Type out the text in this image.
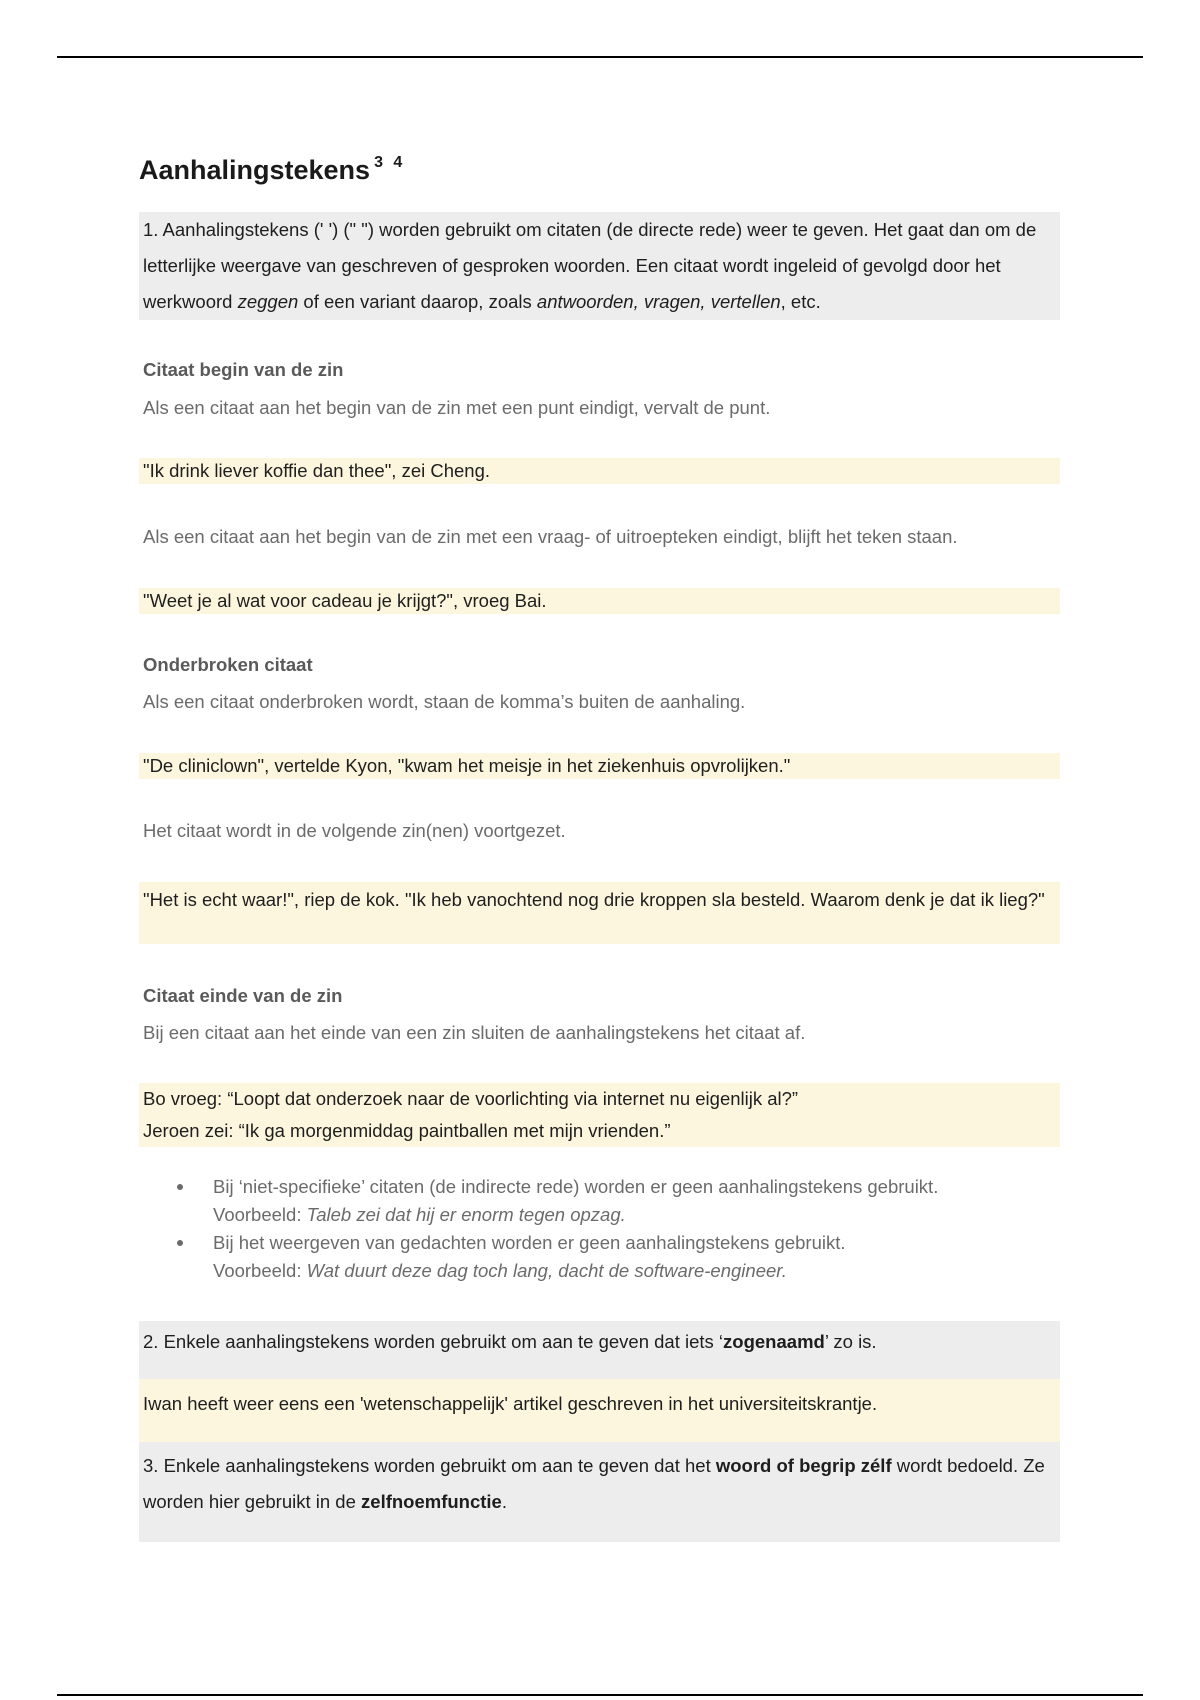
Aanhalingstekens $^{3 4}$
1. Aanhalingstekens (' ') (" ") worden gebruikt om citaten (de directe rede) weer te geven. Het gaat dan om de letterlijke weergave van geschreven of gesproken woorden. Een citaat wordt ingeleid of gevolgd door het werkwoord zeggen of een variant daarop, zoals antwoorden, vragen, vertellen, etc.
Citaat begin van de zin
Als een citaat aan het begin van de zin met een punt eindigt, vervalt de punt.
"Ik drink liever koffie dan thee", zei Cheng.
Als een citaat aan het begin van de zin met een vraag- of uitroepteken eindigt, blijft het teken staan.
"Weet je al wat voor cadeau je krijgt?", vroeg Bai.
Onderbroken citaat
Als een citaat onderbroken wordt, staan de komma’s buiten de aanhaling.
"De cliniclown", vertelde Kyon, "kwam het meisje in het ziekenhuis opvrolijken."
Het citaat wordt in de volgende zin(nen) voortgezet.
"Het is echt waar!", riep de kok. "Ik heb vanochtend nog drie kroppen sla besteld. Waarom denk je dat ik lieg?"
Citaat einde van de zin
Bij een citaat aan het einde van een zin sluiten de aanhalingstekens het citaat af.
Bo vroeg: “Loopt dat onderzoek naar de voorlichting via internet nu eigenlijk al?”
Jeroen zei: “Ik ga morgenmiddag paintballen met mijn vrienden.”
Bij ‘niet-specifieke’ citaten (de indirecte rede) worden er geen aanhalingstekens gebruikt.
Voorbeeld: Taleb zei dat hij er enorm tegen opzag.
Bij het weergeven van gedachten worden er geen aanhalingstekens gebruikt.
Voorbeeld: Wat duurt deze dag toch lang, dacht de software-engineer.
2. Enkele aanhalingstekens worden gebruikt om aan te geven dat iets ‘zogenaamd’ zo is.
Iwan heeft weer eens een 'wetenschappelijk' artikel geschreven in het universiteitskrantje.
3. Enkele aanhalingstekens worden gebruikt om aan te geven dat het woord of begrip zélf wordt bedoeld. Ze worden hier gebruikt in de zelfnoemfunctie.
